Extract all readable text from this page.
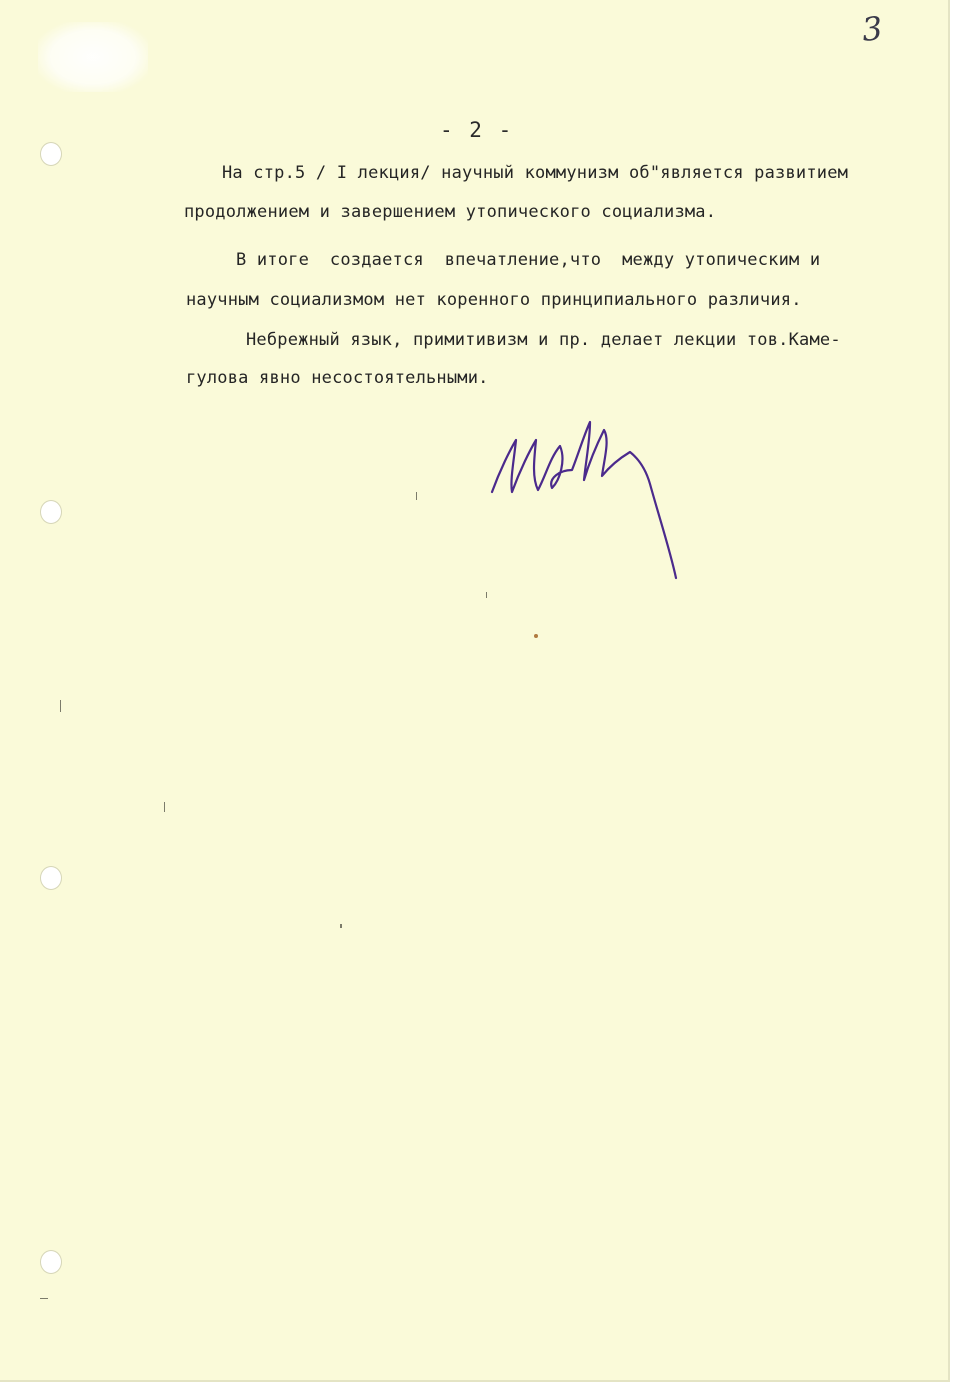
3
- 2 -
На стр.5 / I лекция/ научный коммунизм об"является развитием
продолжением и завершением утопического социализма.
В итоге  создается  впечатление,что  между утопическим и
научным социализмом нет коренного принципиального различия.
Небрежный язык, примитивизм и пр. делает лекции тов.Каме-
гулова явно несостоятельными.
